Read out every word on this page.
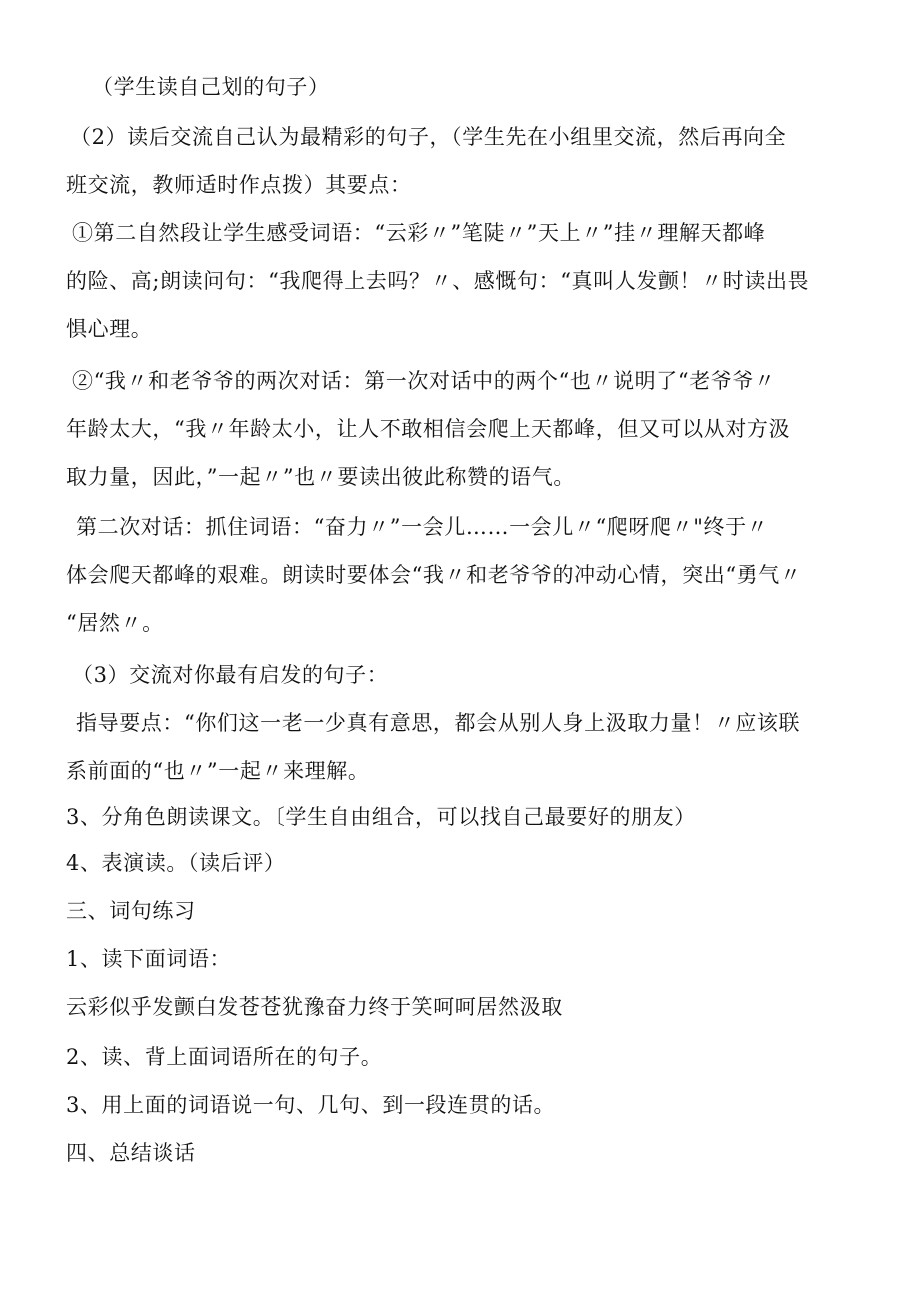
（学生读自己划的句子）

（2）读后交流自己认为最精彩的句子，（学生先在小组里交流，然后再向全

班交流，教师适时作点拨）其要点：

①第二自然段让学生感受词语：“云彩〃”笔陡〃”天上〃”挂〃理解天都峰

的险、高;朗读问句：“我爬得上去吗？〃、感慨句：“真叫人发颤！〃时读出畏

惧心理。

②“我〃和老爷爷的两次对话：第一次对话中的两个“也〃说明了“老爷爷〃

年龄太大，“我〃年龄太小，让人不敢相信会爬上天都峰，但又可以从对方汲

取力量，因此，”一起〃”也〃要读出彼此称赞的语气。

第二次对话：抓住词语：“奋力〃”一会儿……一会儿〃“爬呀爬〃"终于〃

体会爬天都峰的艰难。朗读时要体会“我〃和老爷爷的冲动心情，突出“勇气〃

“居然〃。

（3）交流对你最有启发的句子：

指导要点：“你们这一老一少真有意思，都会从别人身上汲取力量！〃应该联

系前面的“也〃”一起〃来理解。

3、分角色朗读课文。〔学生自由组合，可以找自己最要好的朋友）

4、表演读。（读后评）

三、词句练习

1、读下面词语：

云彩似乎发颤白发苍苍犹豫奋力终于笑呵呵居然汲取

2、读、背上面词语所在的句子。

3、用上面的词语说一句、几句、到一段连贯的话。

四、总结谈话
